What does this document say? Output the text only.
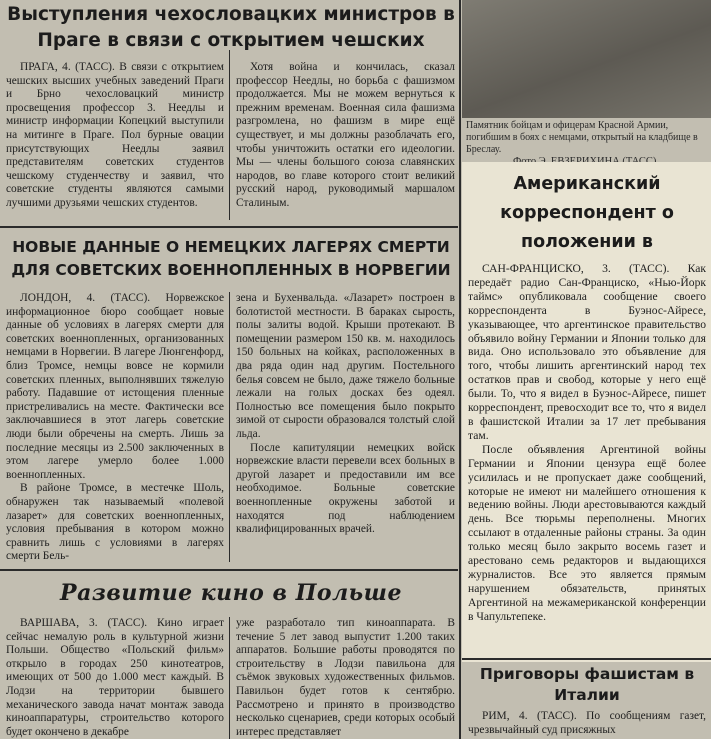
Памятник бойцам и офицерам Красной Армии, погибшим в боях с немцами, открытый на кладбище в Бреслау.
Выступления чехословацких министров в Праге в связи с открытием чешских

ПРАГА, 4. (ТАСС). В связи с открытием чешских высших учебных заведений Праги и Брно чехословацкий министр просвещения профессор 3. Неедлы и министр информации Копецкий выступили на митинге в Праге. Пол бурные овации присутствующих Неедлы заявил представителям советских студентов чешскому студенчеству и заявил, что советские студенты являются самыми лучшими друзьями чешских студентов.

Хотя война и кончилась, сказал профессор Неедлы, но борьба с фашизмом продолжается. Мы не можем вернуться к прежним временам. Военная сила фашизма разгромлена, но фашизм в мире ещё существует, и мы должны разоблачать его, чтобы уничтожить остатки его идеологии. Мы — члены большого союза славянских народов, во главе которого стоит великий русский народ, руководимый маршалом Сталиным.

НОВЫЕ ДАННЫЕ О НЕМЕЦКИХ ЛАГЕРЯХ СМЕРТИ ДЛЯ СОВЕТСКИХ ВОЕННОПЛЕННЫХ В НОРВЕГИИ

ЛОНДОН, 4. (ТАСС). Норвежское информационное бюро сообщает новые данные об условиях в лагерях смерти для советских военнопленных, организованных немцами в Норвегии. В лагере Люнгенфорд, близ Тромсе, немцы вовсе не кормили советских пленных, выполнявших тяжелую работу. Падавшие от истощения пленные пристреливались на месте. Фактически все заключавшиеся в этот лагерь советские люди были обречены на смерть. Лишь за последние месяцы из 2.500 заключенных в этом лагере умерло более 1.000 военнопленных.

В районе Тромсе, в местечке Шоль, обнаружен так называемый «полевой лазарет» для советских военнопленных, условия пребывания в котором можно сравнить лишь с условиями в лагерях смерти Бель-

зена и Бухенвальда. «Лазарет» построен в болотистой местности. В бараках сырость, полы залиты водой. Крыши протекают. В помещении размером 150 кв. м. находилось 150 больных на койках, расположенных в два ряда один над другим. Постельного белья совсем не было, даже тяжело больные лежали на голых досках без одеял. Полностью все помещения было покрыто зимой от сырости образовался толстый слой льда.

После капитуляции немецких войск норвежские власти перевели всех больных в другой лазарет и предоставили им все необходимое. Больные советские военнопленные окружены заботой и находятся под наблюдением квалифицированных врачей.

Развитие кино в Польше

ВАРШАВА, 3. (ТАСС). Кино играет сейчас немалую роль в культурной жизни Польши. Общество «Польский фильм» открыло в городах 250 кинотеатров, имеющих от 500 до 1.000 мест каждый. В Лодзи на территории бывшего механического завода начат монтаж завода киноаппаратуры, строительство которого будет окончено в декабре

уже разработало тип киноаппарата. В течение 5 лет завод выпустит 1.200 таких аппаратов. Большие работы проводятся по строительству в Лодзи павильона для съёмок звуковых художественных фильмов. Павильон будет готов к сентябрю. Рассмотрено и принято в производство несколько сценариев, среди которых особый интерес представляет

Американский корреспондент о положении в

САН-ФРАНЦИСКО, 3. (ТАСС). Как передаёт радио Сан-Франциско, «Нью-Йорк таймс» опубликовала сообщение своего корреспондента в Буэнос-Айресе, указывающее, что аргентинское правительство объявило войну Германии и Японии только для вида. Оно использовало это объявление для того, чтобы лишить аргентинский народ тех остатков прав и свобод, которые у него ещё были. То, что я видел в Буэнос-Айресе, пишет корреспондент, превосходит все то, что я видел в фашистской Италии за 17 лет пребывания там.

После объявления Аргентиной войны Германии и Японии цензура ещё более усилилась и не пропускает даже сообщений, которые не имеют ни малейшего отношения к ведению войны. Люди арестовываются каждый день. Все тюрьмы переполнены. Многих ссылают в отдаленные районы страны. За один только месяц было закрыто восемь газет и арестовано семь редакторов и выдающихся журналистов. Все это является прямым нарушением обязательств, принятых Аргентиной на межамериканской конференции в Чапультепеке.

Приговоры фашистам в Италии

РИМ, 4. (ТАСС). По сообщениям газет, чрезвычайный суд присяжных
